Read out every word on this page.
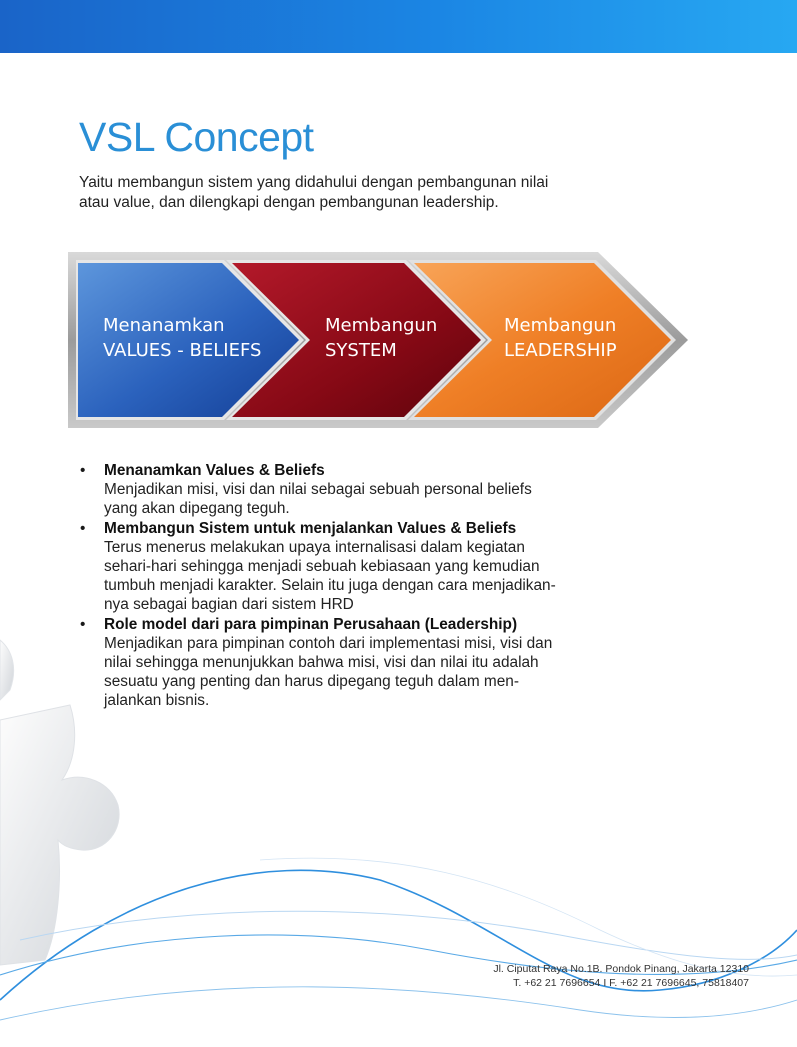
VSL Concept
Yaitu membangun sistem yang didahului dengan pembangunan nilai
atau value, dan dilengkapi dengan pembangunan leadership.
Menanamkan
VALUES - BELIEFS
Membangun
SYSTEM
Membangun
LEADERSHIP
• Menanamkan Values & Beliefs
Menjadikan misi, visi dan nilai sebagai sebuah personal beliefs
yang akan dipegang teguh.
• Membangun Sistem untuk menjalankan Values & Beliefs
Terus menerus melakukan upaya internalisasi dalam kegiatan
sehari-hari sehingga menjadi sebuah kebiasaan yang kemudian
tumbuh menjadi karakter. Selain itu juga dengan cara menjadikan-
nya sebagai bagian dari sistem HRD
• Role model dari para pimpinan Perusahaan (Leadership)
Menjadikan para pimpinan contoh dari implementasi misi, visi dan
nilai sehingga menunjukkan bahwa misi, visi dan nilai itu adalah
sesuatu yang penting dan harus dipegang teguh dalam men-
jalankan bisnis.
Jl. Ciputat Raya No.1B. Pondok Pinang, Jakarta 12310
T. +62 21 7696654 I F. +62 21 7696645, 75818407
